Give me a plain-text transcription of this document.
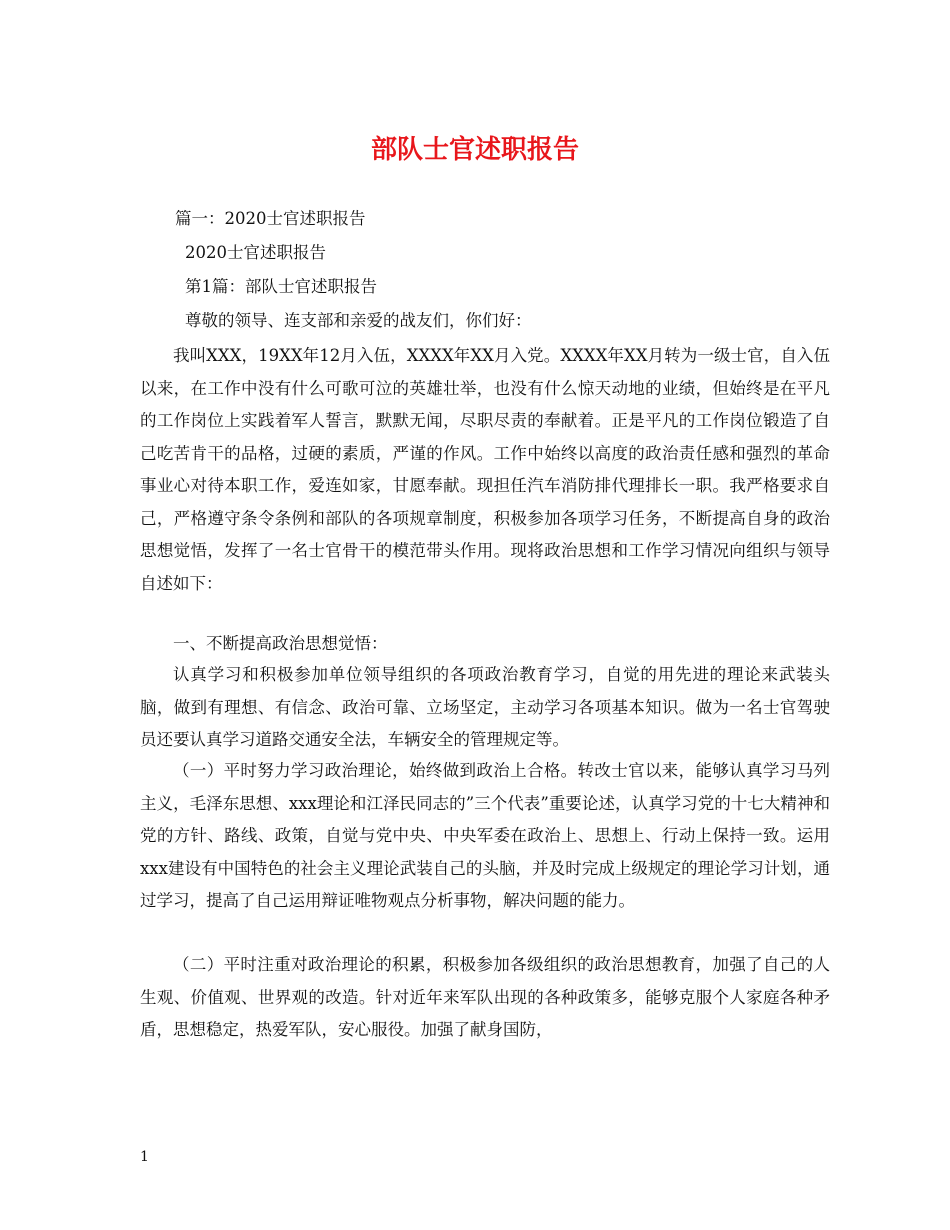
部队士官述职报告

篇一：2020士官述职报告

2020士官述职报告

第1篇：部队士官述职报告

尊敬的领导、连支部和亲爱的战友们，你们好：

我叫XXX，19XX年12月入伍，XXXX年XX月入党。XXXX年XX月转为一级士官，自入伍以来，在工作中没有什么可歌可泣的英雄壮举，也没有什么惊天动地的业绩，但始终是在平凡的工作岗位上实践着军人誓言，默默无闻，尽职尽责的奉献着。正是平凡的工作岗位锻造了自己吃苦肯干的品格，过硬的素质，严谨的作风。工作中始终以高度的政治责任感和强烈的革命事业心对待本职工作，爱连如家，甘愿奉献。现担任汽车消防排代理排长一职。我严格要求自己，严格遵守条令条例和部队的各项规章制度，积极参加各项学习任务，不断提高自身的政治思想觉悟，发挥了一名士官骨干的模范带头作用。现将政治思想和工作学习情况向组织与领导自述如下：

一、不断提高政治思想觉悟：

认真学习和积极参加单位领导组织的各项政治教育学习，自觉的用先进的理论来武装头脑，做到有理想、有信念、政治可靠、立场坚定，主动学习各项基本知识。做为一名士官驾驶员还要认真学习道路交通安全法，车辆安全的管理规定等。

（一）平时努力学习政治理论，始终做到政治上合格。转改士官以来，能够认真学习马列主义，毛泽东思想、xxx理论和江泽民同志的”三个代表”重要论述，认真学习党的十七大精神和党的方针、路线、政策，自觉与党中央、中央军委在政治上、思想上、行动上保持一致。运用xxx建设有中国特色的社会主义理论武装自己的头脑，并及时完成上级规定的理论学习计划，通过学习，提高了自己运用辩证唯物观点分析事物，解决问题的能力。

（二）平时注重对政治理论的积累，积极参加各级组织的政治思想教育，加强了自己的人生观、价值观、世界观的改造。针对近年来军队出现的各种政策多，能够克服个人家庭各种矛盾，思想稳定，热爱军队，安心服役。加强了献身国防，

1
